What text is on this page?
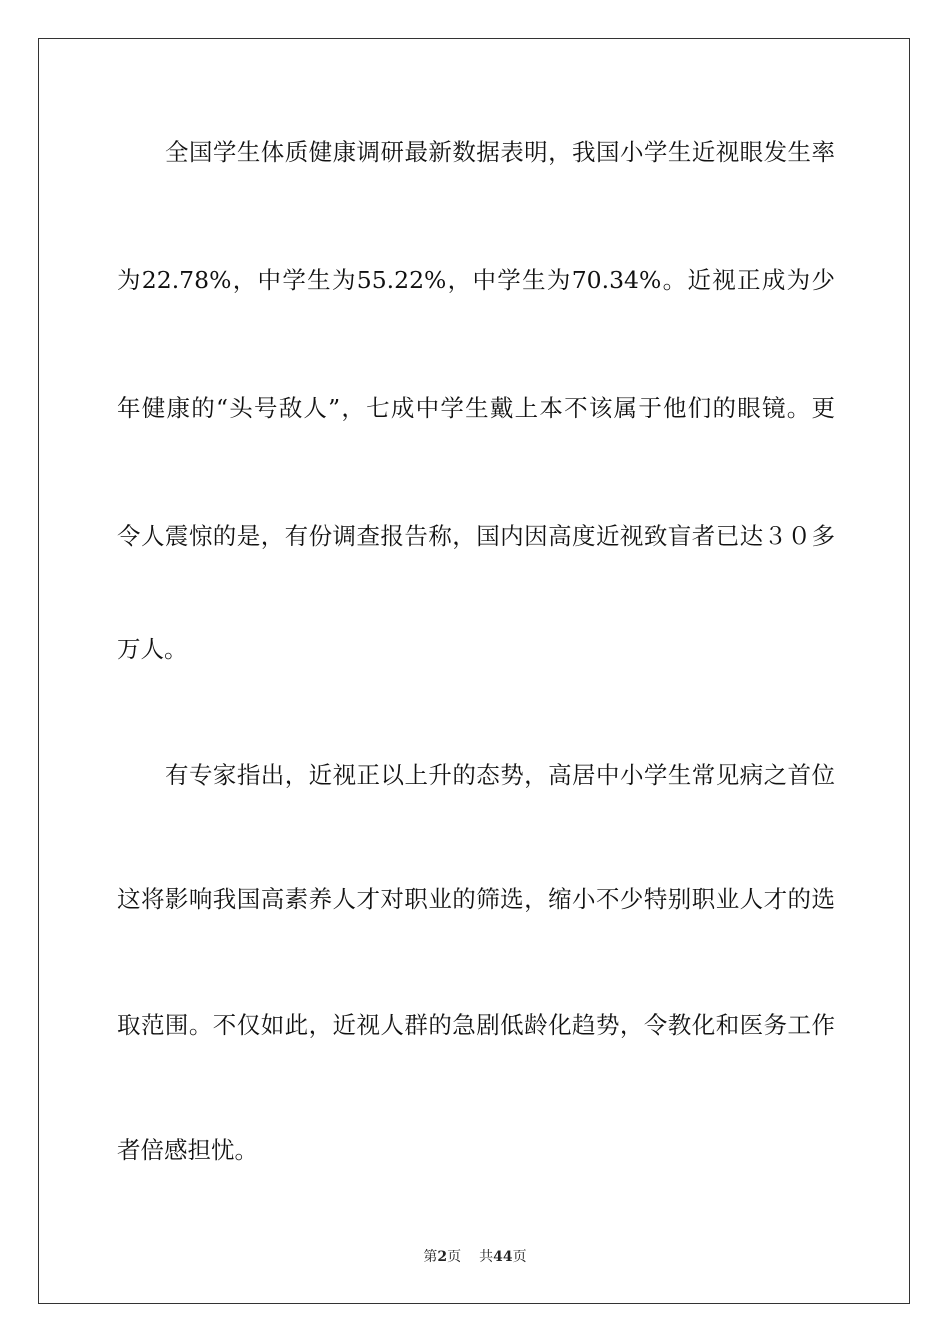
全国学生体质健康调研最新数据表明，我国小学生近视眼发生率
为22.78%，中学生为55.22%，中学生为70.34%。近视正成为少
年健康的“头号敌人”，七成中学生戴上本不该属于他们的眼镜。更
令人震惊的是，有份调查报告称，国内因高度近视致盲者已达３０多
万人。
有专家指出，近视正以上升的态势，高居中小学生常见病之首位
这将影响我国高素养人才对职业的筛选，缩小不少特别职业人才的选
取范围。不仅如此，近视人群的急剧低龄化趋势，令教化和医务工作
者倍感担忧。
第2页 共44页
